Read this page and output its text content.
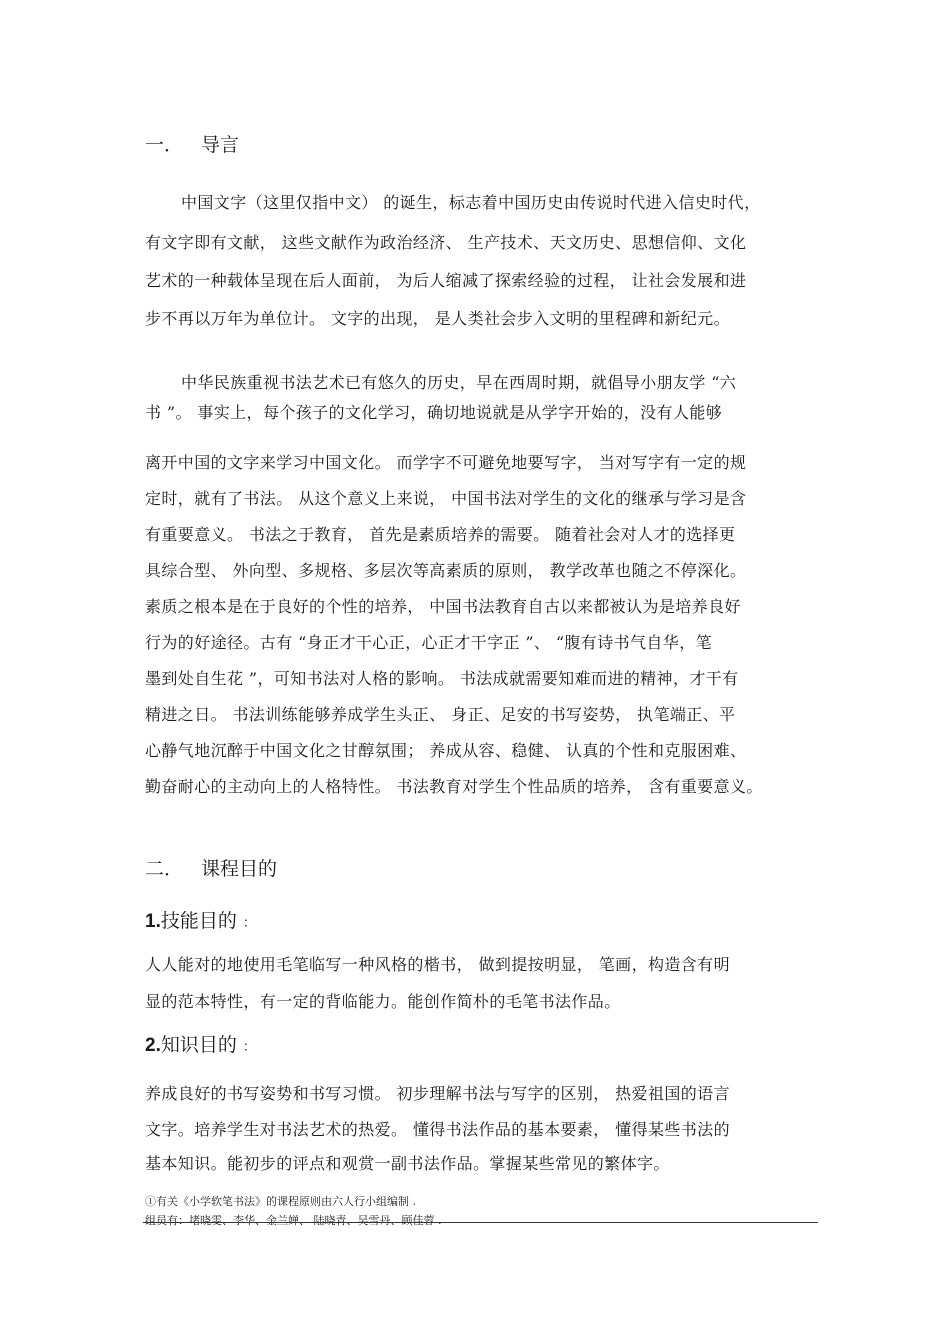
一． 导言
中国文字（这里仅指中文） 的诞生，标志着中国历史由传说时代进入信史时代，
有文字即有文献， 这些文献作为政治经济、 生产技术、天文历史、思想信仰、文化
艺术的一种载体呈现在后人面前， 为后人缩减了探索经验的过程， 让社会发展和进
步不再以万年为单位计。 文字的出现， 是人类社会步入文明的里程碑和新纪元。
中华民族重视书法艺术已有悠久的历史，早在西周时期，就倡导小朋友学 “六
书 ”。 事实上，每个孩子的文化学习，确切地说就是从学字开始的，没有人能够
离开中国的文字来学习中国文化。 而学字不可避免地要写字， 当对写字有一定的规
定时，就有了书法。 从这个意义上来说， 中国书法对学生的文化的继承与学习是含
有重要意义。 书法之于教育， 首先是素质培养的需要。 随着社会对人才的选择更
具综合型、 外向型、多规格、多层次等高素质的原则， 教学改革也随之不停深化。
素质之根本是在于良好的个性的培养， 中国书法教育自古以来都被认为是培养良好
行为的好途径。古有 “身正才干心正，心正才干字正 ”、 “腹有诗书气自华，笔
墨到处自生花 ”，可知书法对人格的影响。 书法成就需要知难而进的精神，才干有
精进之日。 书法训练能够养成学生头正、 身正、足安的书写姿势， 执笔端正、平
心静气地沉醉于中国文化之甘醇氛围； 养成从容、稳健、 认真的个性和克服困难、
勤奋耐心的主动向上的人格特性。 书法教育对学生个性品质的培养， 含有重要意义。
二． 课程目的
1.技能目的 ：
人人能对的地使用毛笔临写一种风格的楷书， 做到提按明显， 笔画，构造含有明
显的范本特性，有一定的背临能力。能创作简朴的毛笔书法作品。
2.知识目的 ：
养成良好的书写姿势和书写习惯。 初步理解书法与写字的区别， 热爱祖国的语言
文字。培养学生对书法艺术的热爱。 懂得书法作品的基本要素， 懂得某些书法的
基本知识。能初步的评点和观赏一副书法作品。掌握某些常见的繁体字。
①有关《小学软笔书法》的课程原则由六人行小组编制 .
组员有：堵晓雯、李华、金兰婵、 陆晓青、吴雪丹、顾佳蓉 .
